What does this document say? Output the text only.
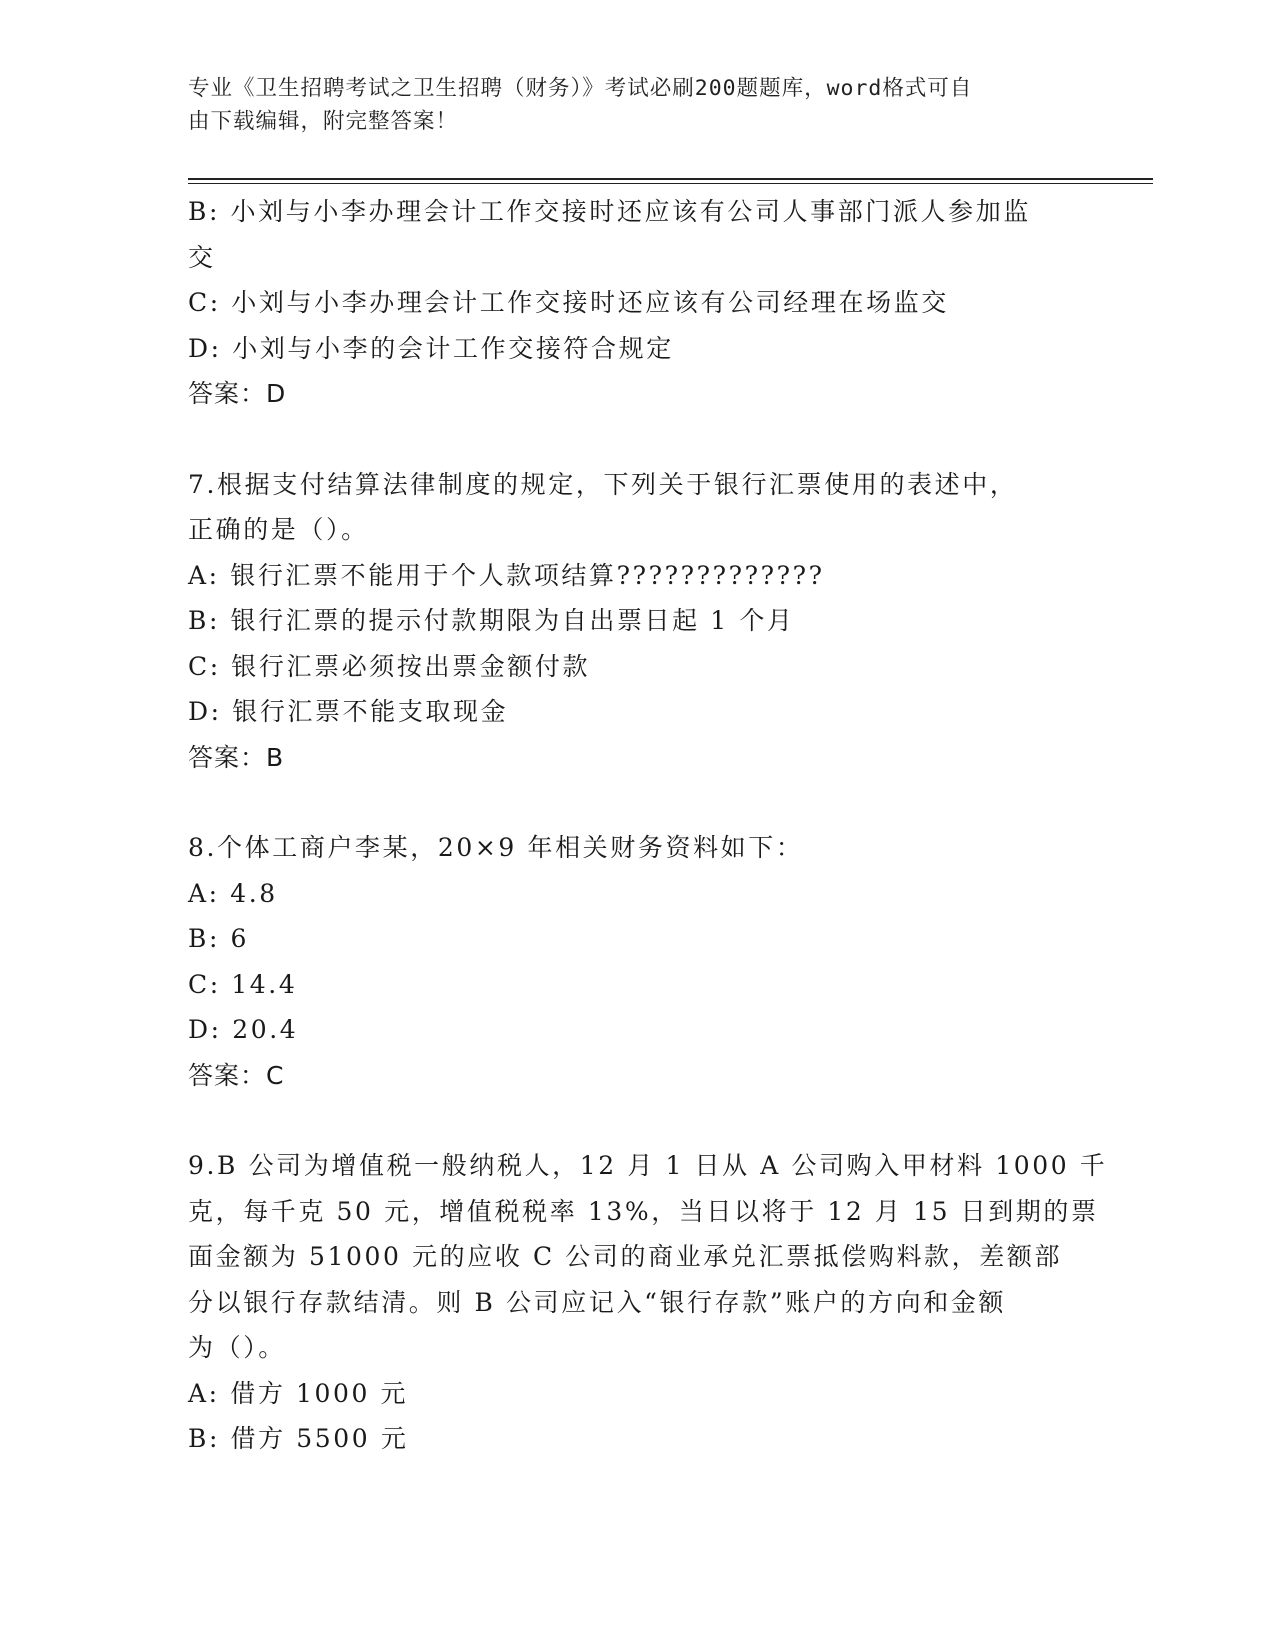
专业《卫生招聘考试之卫生招聘（财务）》考试必刷200题题库，word格式可自
由下载编辑，附完整答案！
B: 小刘与小李办理会计工作交接时还应该有公司人事部门派人参加监
交
C: 小刘与小李办理会计工作交接时还应该有公司经理在场监交
D: 小刘与小李的会计工作交接符合规定
答案：D
7.根据支付结算法律制度的规定，下列关于银行汇票使用的表述中，
正确的是（）。
A: 银行汇票不能用于个人款项结算?????????????
B: 银行汇票的提示付款期限为自出票日起 1 个月
C: 银行汇票必须按出票金额付款
D: 银行汇票不能支取现金
答案：B
8.个体工商户李某，20×9 年相关财务资料如下：
A: 4.8
B: 6
C: 14.4
D: 20.4
答案：C
9.B 公司为增值税一般纳税人，12 月 1 日从 A 公司购入甲材料 1000 千
克，每千克 50 元，增值税税率 13%，当日以将于 12 月 15 日到期的票
面金额为 51000 元的应收 C 公司的商业承兑汇票抵偿购料款，差额部
分以银行存款结清。则 B 公司应记入“银行存款”账户的方向和金额
为（）。
A: 借方 1000 元
B: 借方 5500 元
